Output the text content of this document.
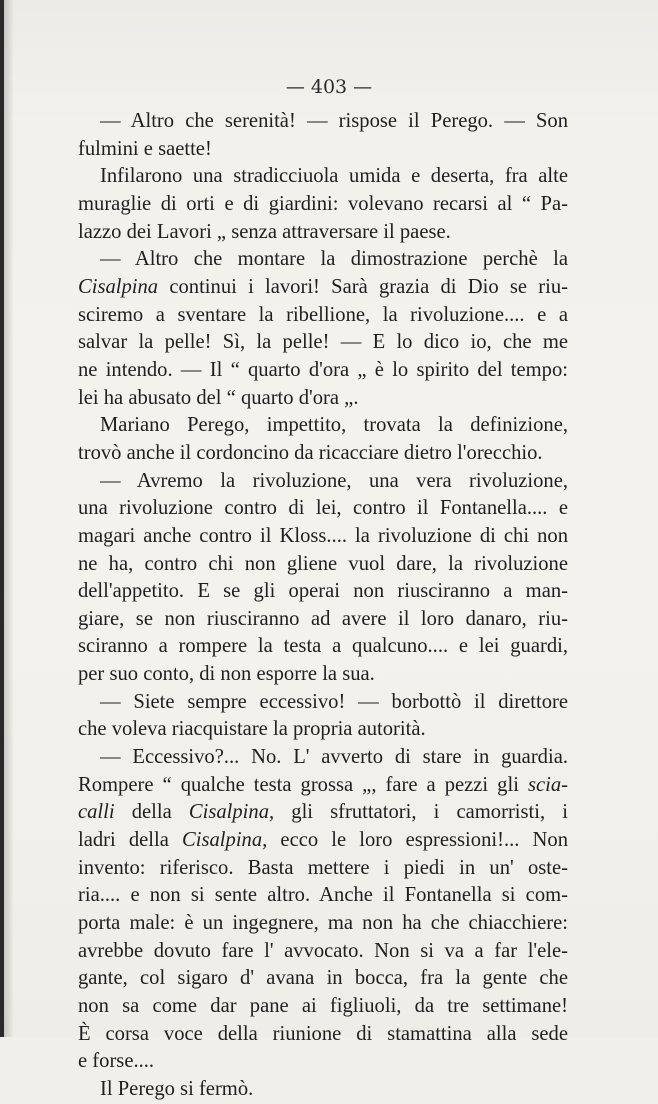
— 403 —
— Altro che serenità! — rispose il Perego. — Son
fulmini e saette!
Infilarono una stradicciuola umida e deserta, fra alte
muraglie di orti e di giardini: volevano recarsi al “ Pa-
lazzo dei Lavori „ senza attraversare il paese.
— Altro che montare la dimostrazione perchè la
Cisalpina continui i lavori! Sarà grazia di Dio se riu-
sciremo a sventare la ribellione, la rivoluzione.... e a
salvar la pelle! Sì, la pelle! — E lo dico io, che me
ne intendo. — Il “ quarto d'ora „ è lo spirito del tempo:
lei ha abusato del “ quarto d'ora „.
Mariano Perego, impettito, trovata la definizione,
trovò anche il cordoncino da ricacciare dietro l'orecchio.
— Avremo la rivoluzione, una vera rivoluzione,
una rivoluzione contro di lei, contro il Fontanella.... e
magari anche contro il Kloss.... la rivoluzione di chi non
ne ha, contro chi non gliene vuol dare, la rivoluzione
dell'appetito. E se gli operai non riusciranno a man-
giare, se non riusciranno ad avere il loro danaro, riu-
sciranno a rompere la testa a qualcuno.... e lei guardi,
per suo conto, di non esporre la sua.
— Siete sempre eccessivo! — borbottò il direttore
che voleva riacquistare la propria autorità.
— Eccessivo?... No. L' avverto di stare in guardia.
Rompere “ qualche testa grossa „, fare a pezzi gli scia-
calli della Cisalpina, gli sfruttatori, i camorristi, i
ladri della Cisalpina, ecco le loro espressioni!... Non
invento: riferisco. Basta mettere i piedi in un' oste-
ria.... e non si sente altro. Anche il Fontanella si com-
porta male: è un ingegnere, ma non ha che chiacchiere:
avrebbe dovuto fare l' avvocato. Non si va a far l'ele-
gante, col sigaro d' avana in bocca, fra la gente che
non sa come dar pane ai figliuoli, da tre settimane!
È corsa voce della riunione di stamattina alla sede
e forse....
Il Perego si fermò.
